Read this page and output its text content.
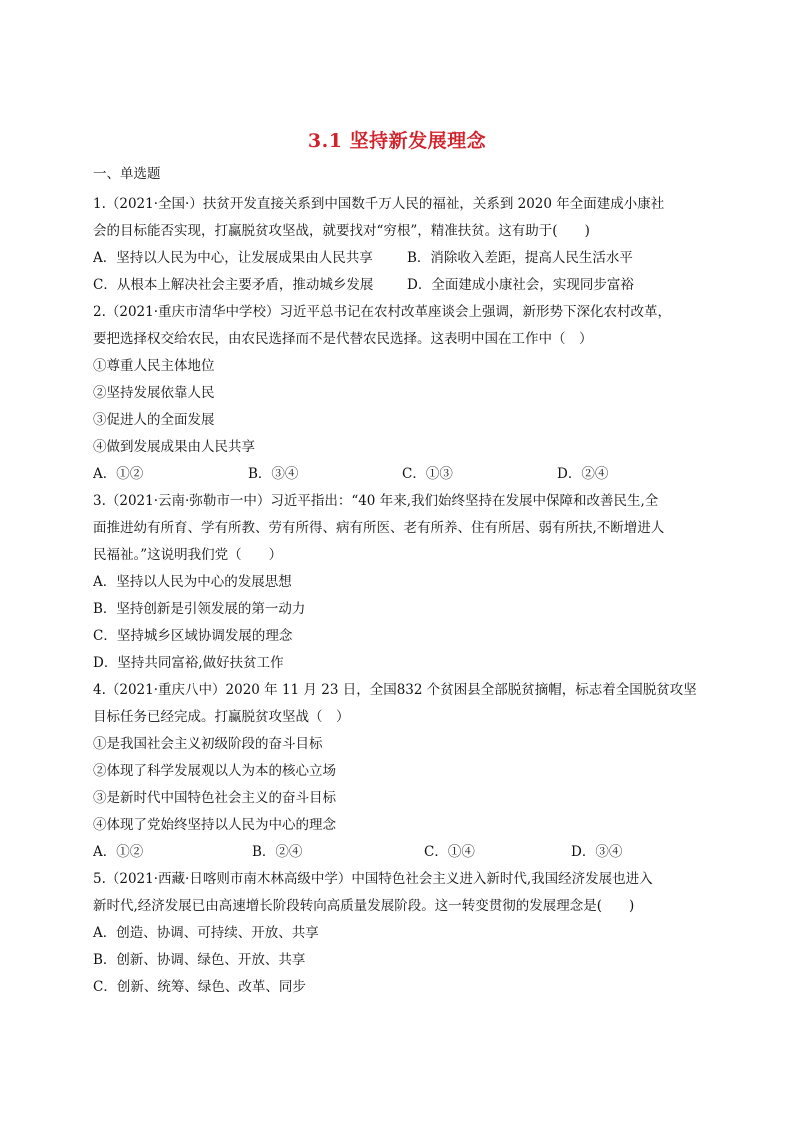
3.1 坚持新发展理念
一、单选题
1.（2021·全国·）扶贫开发直接关系到中国数千万人民的福祉，关系到 2020 年全面建成小康社
会的目标能否实现，打赢脱贫攻坚战，就要找对“穷根”，精准扶贫。这有助于(　　)
A．坚持以人民为中心，让发展成果由人民共享	B．消除收入差距，提高人民生活水平
C．从根本上解决社会主要矛盾，推动城乡发展 D．全面建成小康社会，实现同步富裕
2.（2021·重庆市清华中学校）习近平总书记在农村改革座谈会上强调，新形势下深化农村改革，
要把选择权交给农民，由农民选择而不是代替农民选择。这表明中国在工作中（　）
①尊重人民主体地位
②坚持发展依靠人民
③促进人的全面发展
④做到发展成果由人民共享
A．①②	B．③④	C．①③	D．②④
3.（2021·云南·弥勒市一中）习近平指出：“40 年来,我们始终坚持在发展中保障和改善民生,全
面推进幼有所育、学有所教、劳有所得、病有所医、老有所养、住有所居、弱有所扶,不断增进人
民福祉。”这说明我们党（　　）
A．坚持以人民为中心的发展思想
B．坚持创新是引领发展的第一动力
C．坚持城乡区域协调发展的理念
D．坚持共同富裕,做好扶贫工作
4.（2021·重庆八中）2020 年 11 月 23 日，全国832 个贫困县全部脱贫摘帽，标志着全国脱贫攻坚
目标任务已经完成。打赢脱贫攻坚战（　）
①是我国社会主义初级阶段的奋斗目标
②体现了科学发展观以人为本的核心立场
③是新时代中国特色社会主义的奋斗目标
④体现了党始终坚持以人民为中心的理念
A．①②	B．②④	C．①④	D．③④
5.（2021·西藏·日喀则市南木林高级中学）中国特色社会主义进入新时代,我国经济发展也进入
新时代,经济发展已由高速增长阶段转向高质量发展阶段。这一转变贯彻的发展理念是(　　)
A．创造、协调、可持续、开放、共享
B．创新、协调、绿色、开放、共享
C．创新、统筹、绿色、改革、同步
